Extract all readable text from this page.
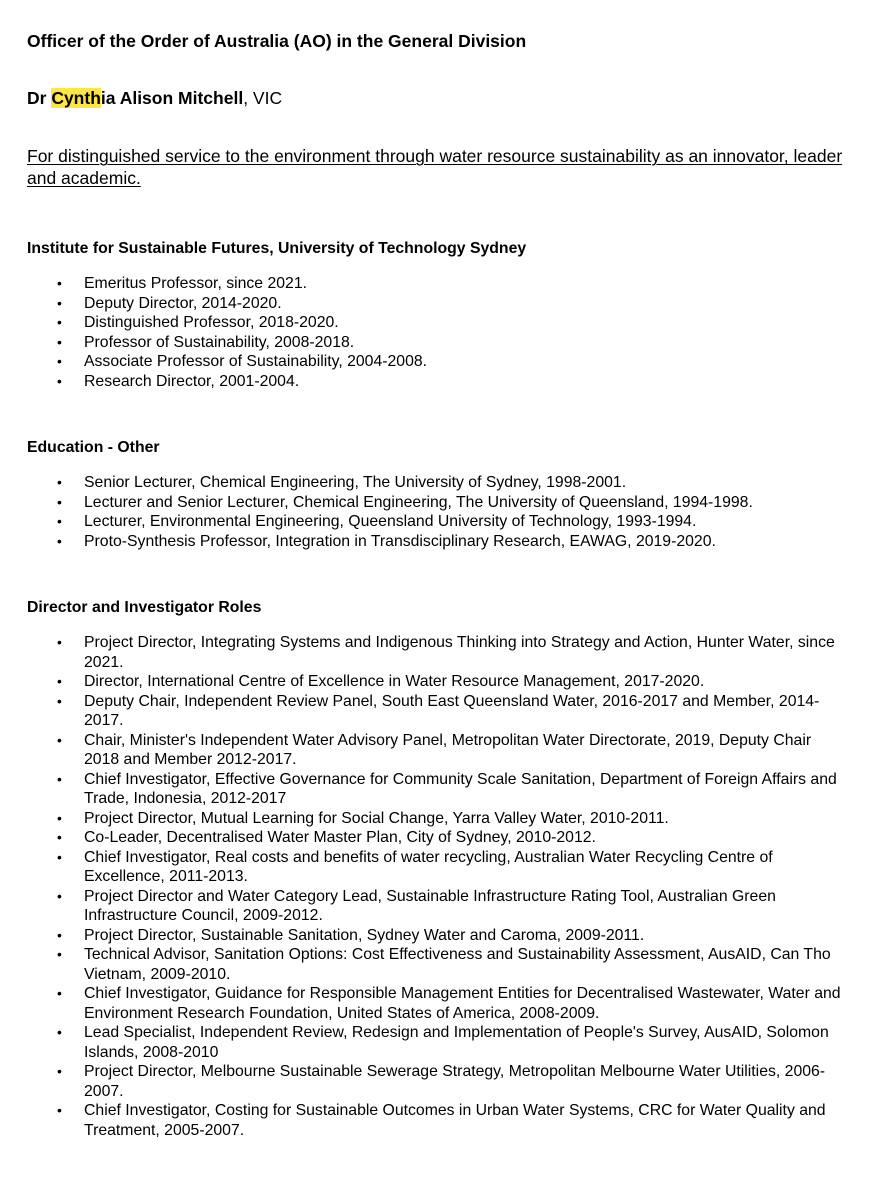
Officer of the Order of Australia (AO) in the General Division

Dr Cynthia Alison Mitchell, VIC

For distinguished service to the environment through water resource sustainability as an innovator, leader and academic.

Institute for Sustainable Futures, University of Technology Sydney

• Emeritus Professor, since 2021.
• Deputy Director, 2014-2020.
• Distinguished Professor, 2018-2020.
• Professor of Sustainability, 2008-2018.
• Associate Professor of Sustainability, 2004-2008.
• Research Director, 2001-2004.

Education - Other

• Senior Lecturer, Chemical Engineering, The University of Sydney, 1998-2001.
• Lecturer and Senior Lecturer, Chemical Engineering, The University of Queensland, 1994-1998.
• Lecturer, Environmental Engineering, Queensland University of Technology, 1993-1994.
• Proto-Synthesis Professor, Integration in Transdisciplinary Research, EAWAG, 2019-2020.

Director and Investigator Roles

• Project Director, Integrating Systems and Indigenous Thinking into Strategy and Action, Hunter Water, since 2021.
• Director, International Centre of Excellence in Water Resource Management, 2017-2020.
• Deputy Chair, Independent Review Panel, South East Queensland Water, 2016-2017 and Member, 2014-2017.
• Chair, Minister's Independent Water Advisory Panel, Metropolitan Water Directorate, 2019, Deputy Chair 2018 and Member 2012-2017.
• Chief Investigator, Effective Governance for Community Scale Sanitation, Department of Foreign Affairs and Trade, Indonesia, 2012-2017
• Project Director, Mutual Learning for Social Change, Yarra Valley Water, 2010-2011.
• Co-Leader, Decentralised Water Master Plan, City of Sydney, 2010-2012.
• Chief Investigator, Real costs and benefits of water recycling, Australian Water Recycling Centre of Excellence, 2011-2013.
• Project Director and Water Category Lead, Sustainable Infrastructure Rating Tool, Australian Green Infrastructure Council, 2009-2012.
• Project Director, Sustainable Sanitation, Sydney Water and Caroma, 2009-2011.
• Technical Advisor, Sanitation Options: Cost Effectiveness and Sustainability Assessment, AusAID, Can Tho Vietnam, 2009-2010.
• Chief Investigator, Guidance for Responsible Management Entities for Decentralised Wastewater, Water and Environment Research Foundation, United States of America, 2008-2009.
• Lead Specialist, Independent Review, Redesign and Implementation of People's Survey, AusAID, Solomon Islands, 2008-2010
• Project Director, Melbourne Sustainable Sewerage Strategy, Metropolitan Melbourne Water Utilities, 2006-2007.
• Chief Investigator, Costing for Sustainable Outcomes in Urban Water Systems, CRC for Water Quality and Treatment, 2005-2007.
